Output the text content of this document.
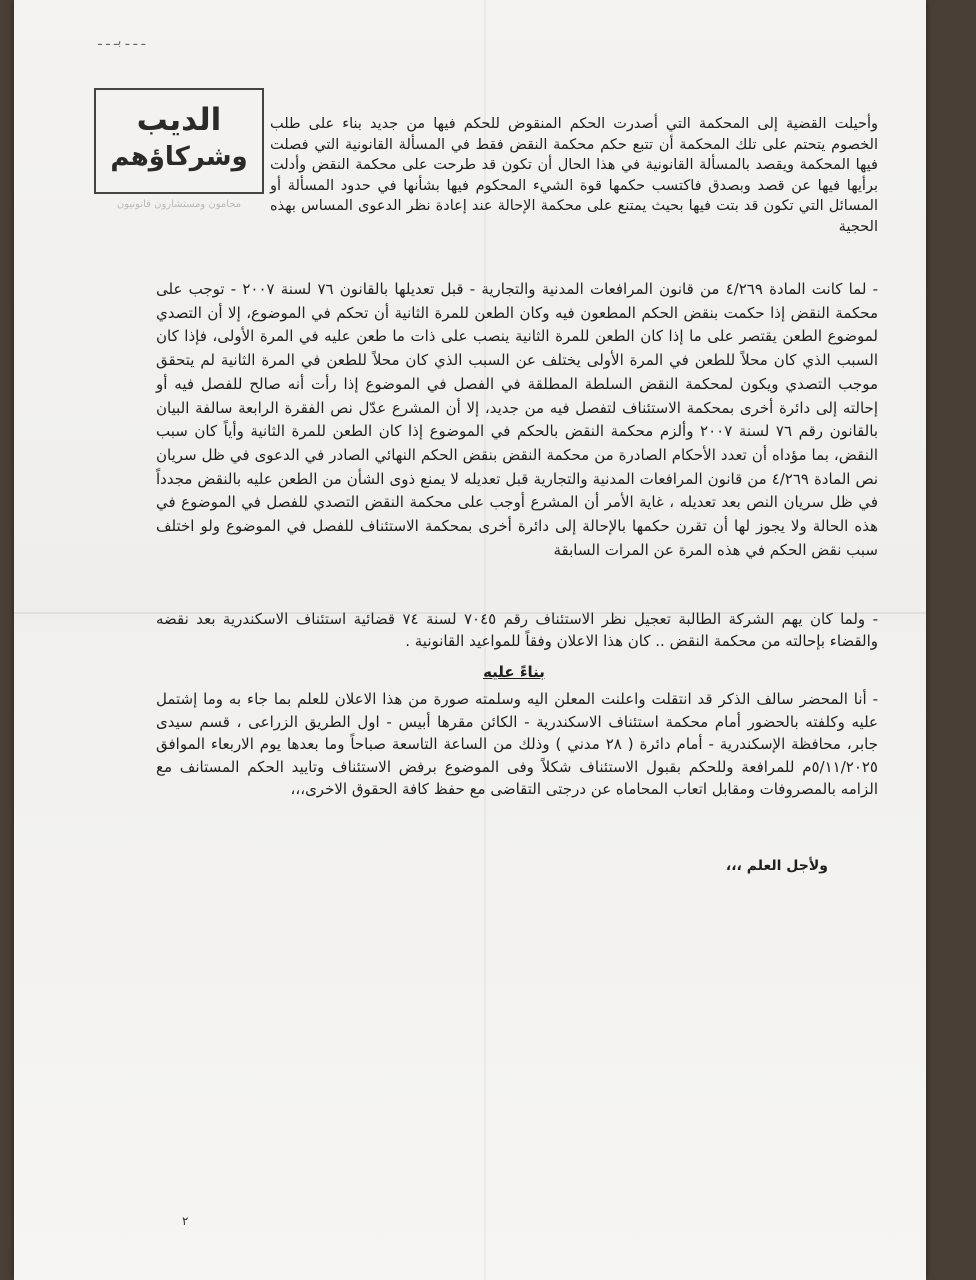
ـ ـ ـ بـ ـ ـ
الديب
وشركاؤهم
محامون ومستشارون قانونيون

وأحيلت القضية إلى المحكمة التي أصدرت الحكم المنقوض للحكم فيها من جديد بناء على طلب الخصوم يتحتم على تلك المحكمة أن تتبع حكم محكمة النقض فقط في المسألة القانونية التي فصلت فيها المحكمة ويقصد بالمسألة القانونية في هذا الحال أن تكون قد طرحت على محكمة النقض وأدلت برأيها فيها عن قصد وبصدق فاكتسب حكمها قوة الشيء المحكوم فيها بشأنها في حدود المسألة أو المسائل التي تكون قد بتت فيها بحيث يمتنع على محكمة الإحالة عند إعادة نظر الدعوى المساس بهذه الحجية

- لما كانت المادة ٤/٢٦٩ من قانون المرافعات المدنية والتجارية - قبل تعديلها بالقانون ٧٦ لسنة ٢٠٠٧ - توجب على محكمة النقض إذا حكمت بنقض الحكم المطعون فيه وكان الطعن للمرة الثانية أن تحكم في الموضوع، إلا أن التصدي لموضوع الطعن يقتصر على ما إذا كان الطعن للمرة الثانية ينصب على ذات ما طعن عليه في المرة الأولى، فإذا كان السبب الذي كان محلاً للطعن في المرة الأولى يختلف عن السبب الذي كان محلاً للطعن في المرة الثانية لم يتحقق موجب التصدي ويكون لمحكمة النقض السلطة المطلقة في الفصل في الموضوع إذا رأت أنه صالح للفصل فيه أو إحالته إلى دائرة أخرى بمحكمة الاستئناف لتفصل فيه من جديد، إلا أن المشرع عدّل نص الفقرة الرابعة سالفة البيان بالقانون رقم ٧٦ لسنة ٢٠٠٧ وألزم محكمة النقض بالحكم في الموضوع إذا كان الطعن للمرة الثانية وأياً كان سبب النقض، بما مؤداه أن تعدد الأحكام الصادرة من محكمة النقض بنقض الحكم النهائي الصادر في الدعوى في ظل سريان نص المادة ٤/٢٦٩ من قانون المرافعات المدنية والتجارية قبل تعديله لا يمنع ذوى الشأن من الطعن عليه بالنقض مجدداً في ظل سريان النص بعد تعديله ، غاية الأمر أن المشرع أوجب على محكمة النقض التصدي للفصل في الموضوع في هذه الحالة ولا يجوز لها أن تقرن حكمها بالإحالة إلى دائرة أخرى بمحكمة الاستئناف للفصل في الموضوع ولو اختلف سبب نقض الحكم في هذه المرة عن المرات السابقة

- ولما كان يهم الشركة الطالبة تعجيل نظر الاستئناف رقم ٧٠٤٥ لسنة ٧٤ قضائية استئناف الاسكندرية بعد نقضه والقضاء بإحالته من محكمة النقض .. كان هذا الاعلان وفقاً للمواعيد القانونية .

بناءً عليه

- أنا المحضر سالف الذكر قد انتقلت واعلنت المعلن اليه وسلمته صورة من هذا الاعلان للعلم بما جاء به وما إشتمل عليه وكلفته بالحضور أمام محكمة استئناف الاسكندرية - الكائن مقرها أبيس - اول الطريق الزراعى ، قسم سيدى جابر، محافظة الإسكندرية - أمام دائرة ( ٢٨ مدني ) وذلك من الساعة التاسعة صباحاً وما بعدها يوم الاربعاء الموافق ٥/١١/٢٠٢٥م للمرافعة وللحكم بقبول الاستئناف شكلاً وفى الموضوع برفض الاستئناف وتاييد الحكم المستانف مع الزامه بالمصروفات ومقابل اتعاب المحاماه عن درجتى التقاضى مع حفظ كافة الحقوق الاخرى،،،

ولأجل العلم ،،،
٢
